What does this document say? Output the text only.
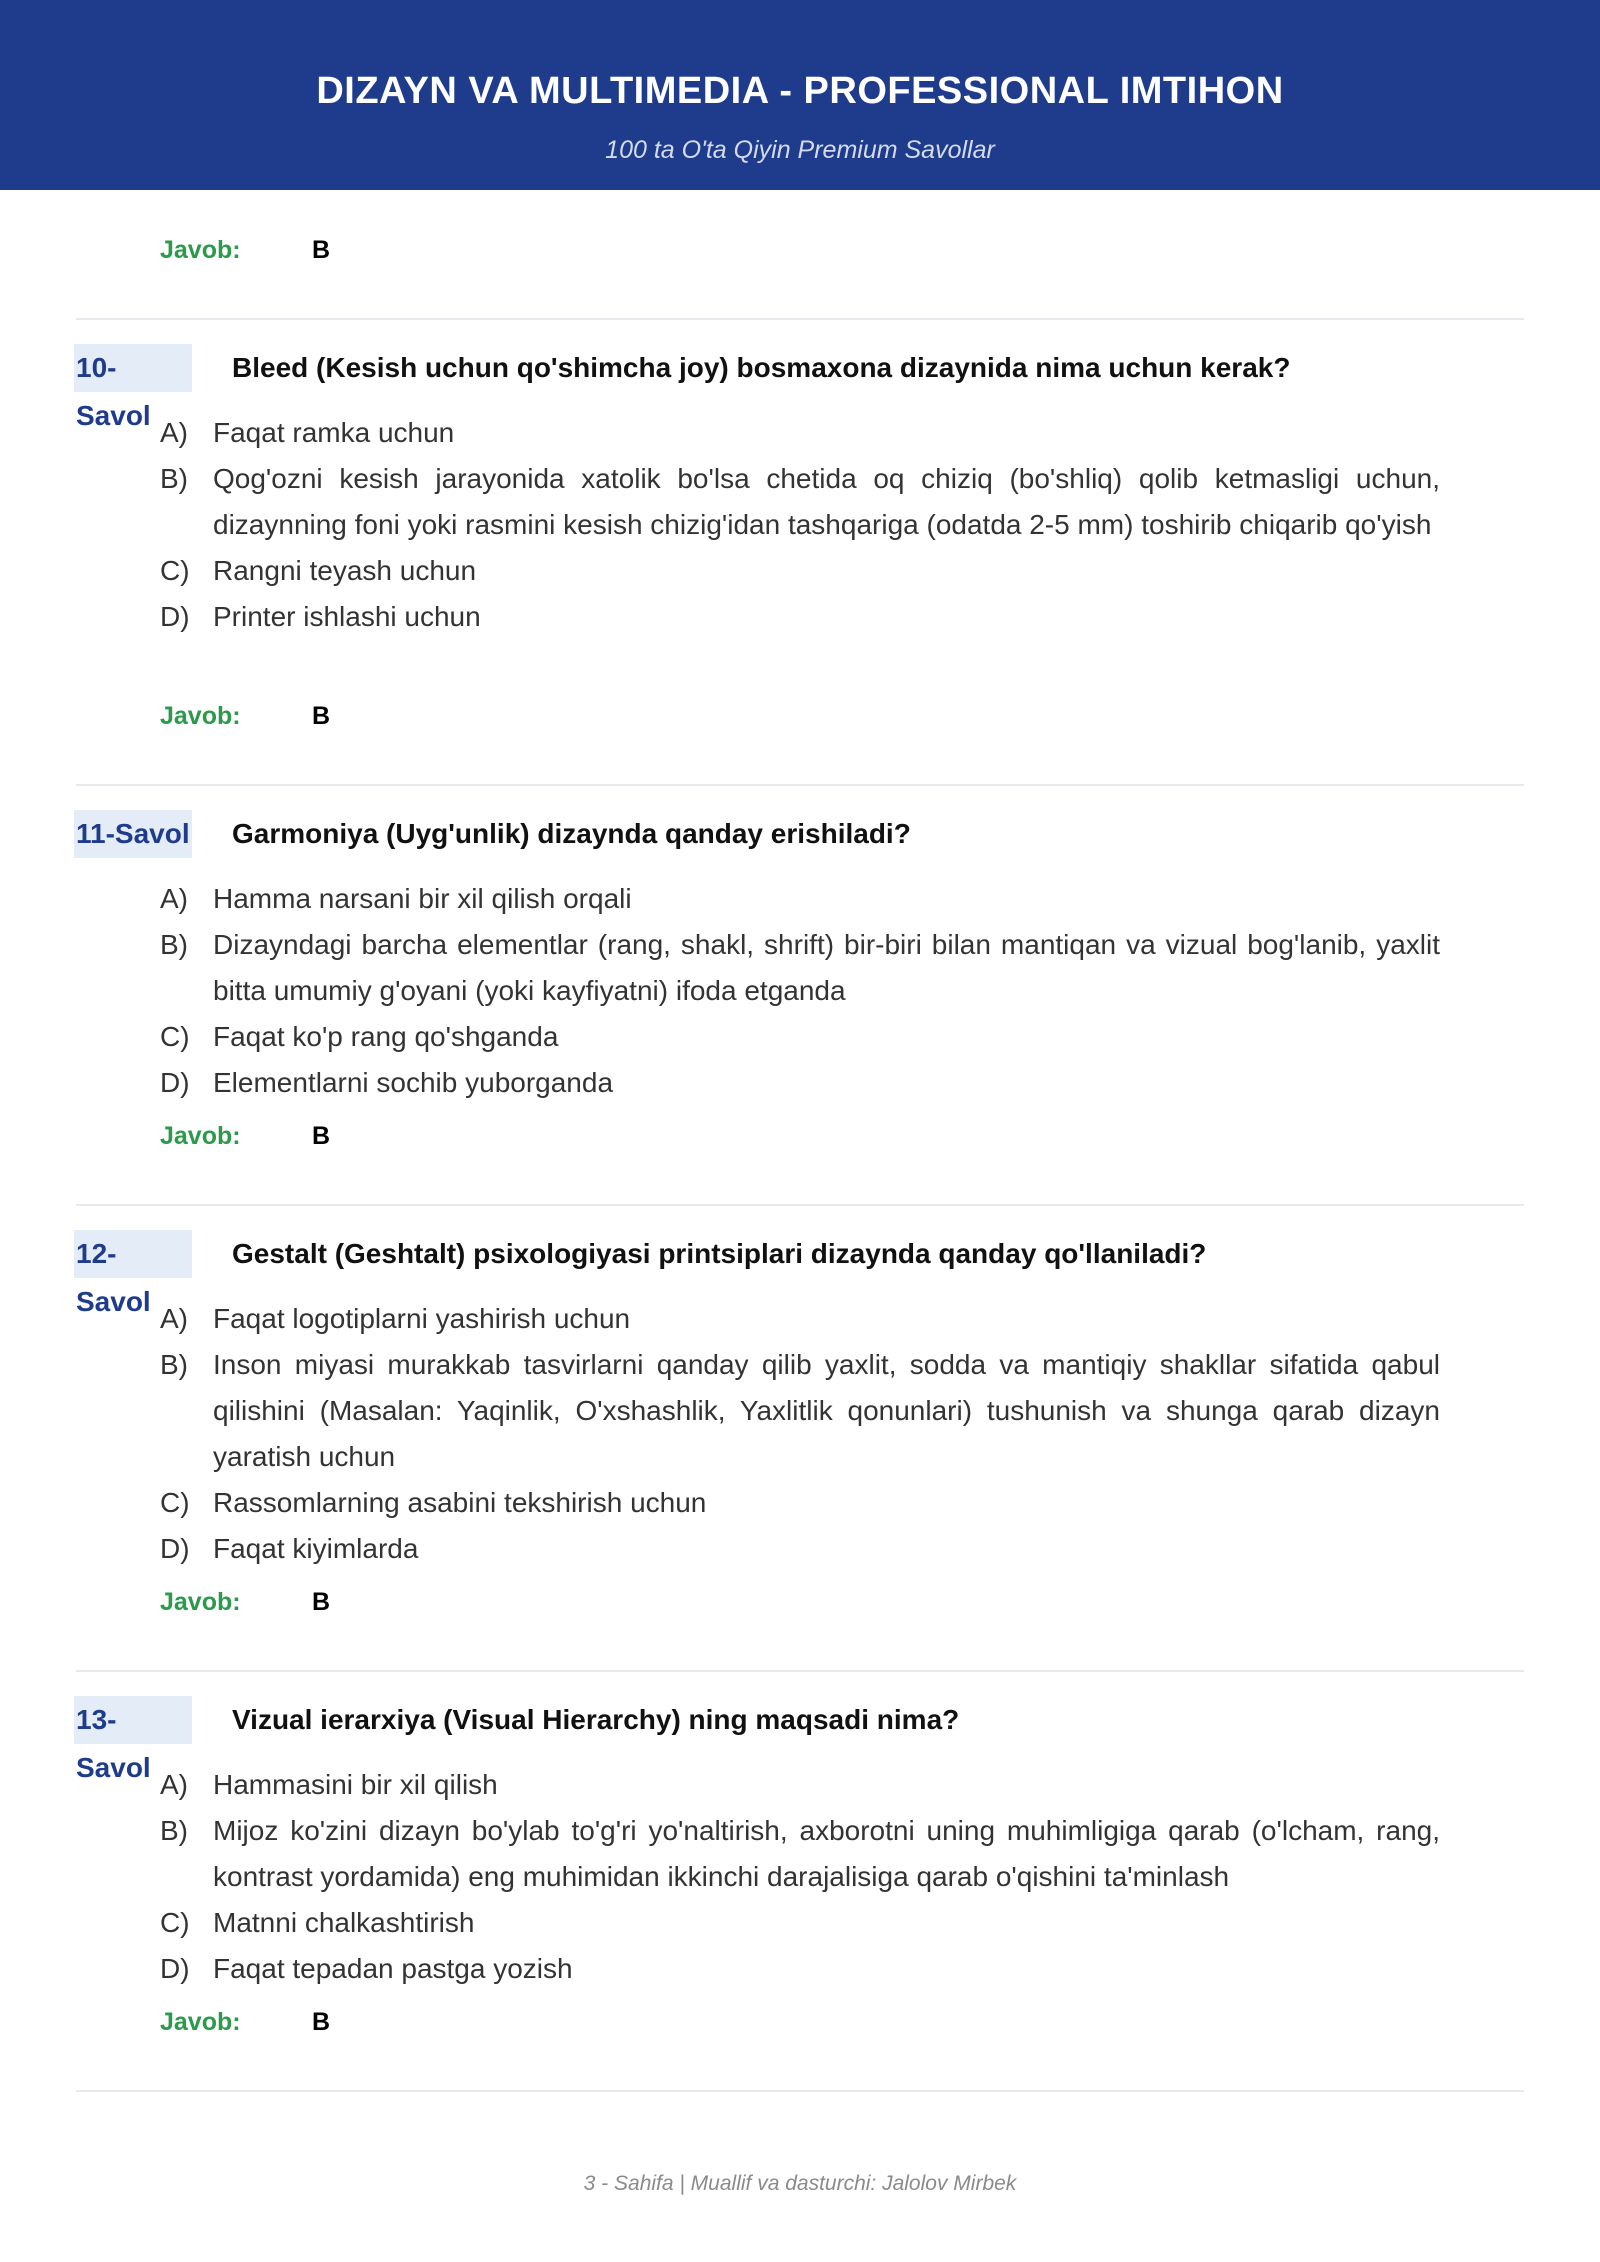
DIZAYN VA MULTIMEDIA - PROFESSIONAL IMTIHON
100 ta O'ta Qiyin Premium Savollar
Javob:	B
10-Savol
Bleed (Kesish uchun qo'shimcha joy) bosmaxona dizaynida nima uchun kerak?
A) Faqat ramka uchun
B) Qog'ozni kesish jarayonida xatolik bo'lsa chetida oq chiziq (bo'shliq) qolib ketmasligi uchun, dizaynning foni yoki rasmini kesish chizig'idan tashqariga (odatda 2-5 mm) toshirib chiqarib qo'yish
C) Rangni teyash uchun
D) Printer ishlashi uchun
Javob:	B
11-Savol Garmoniya (Uyg'unlik) dizaynda qanday erishiladi?
A) Hamma narsani bir xil qilish orqali
B) Dizayndagi barcha elementlar (rang, shakl, shrift) bir-biri bilan mantiqan va vizual bog'lanib, yaxlit bitta umumiy g'oyani (yoki kayfiyatni) ifoda etganda
C) Faqat ko'p rang qo'shganda
D) Elementlarni sochib yuborganda
Javob:	B
12-Savol
Gestalt (Geshtalt) psixologiyasi printsiplari dizaynda qanday qo'llaniladi?
A) Faqat logotiplarni yashirish uchun
B) Inson miyasi murakkab tasvirlarni qanday qilib yaxlit, sodda va mantiqiy shakllar sifatida qabul qilishini (Masalan: Yaqinlik, O'xshashlik, Yaxlitlik qonunlari) tushunish va shunga qarab dizayn yaratish uchun
C) Rassomlarning asabini tekshirish uchun
D) Faqat kiyimlarda
Javob:	B
13-Savol
Vizual ierarxiya (Visual Hierarchy) ning maqsadi nima?
A) Hammasini bir xil qilish
B) Mijoz ko'zini dizayn bo'ylab to'g'ri yo'naltirish, axborotni uning muhimligiga qarab (o'lcham, rang, kontrast yordamida) eng muhimidan ikkinchi darajalisiga qarab o'qishini ta'minlash
C) Matnni chalkashtirish
D) Faqat tepadan pastga yozish
Javob:	B
3 - Sahifa | Muallif va dasturchi: Jalolov Mirbek
